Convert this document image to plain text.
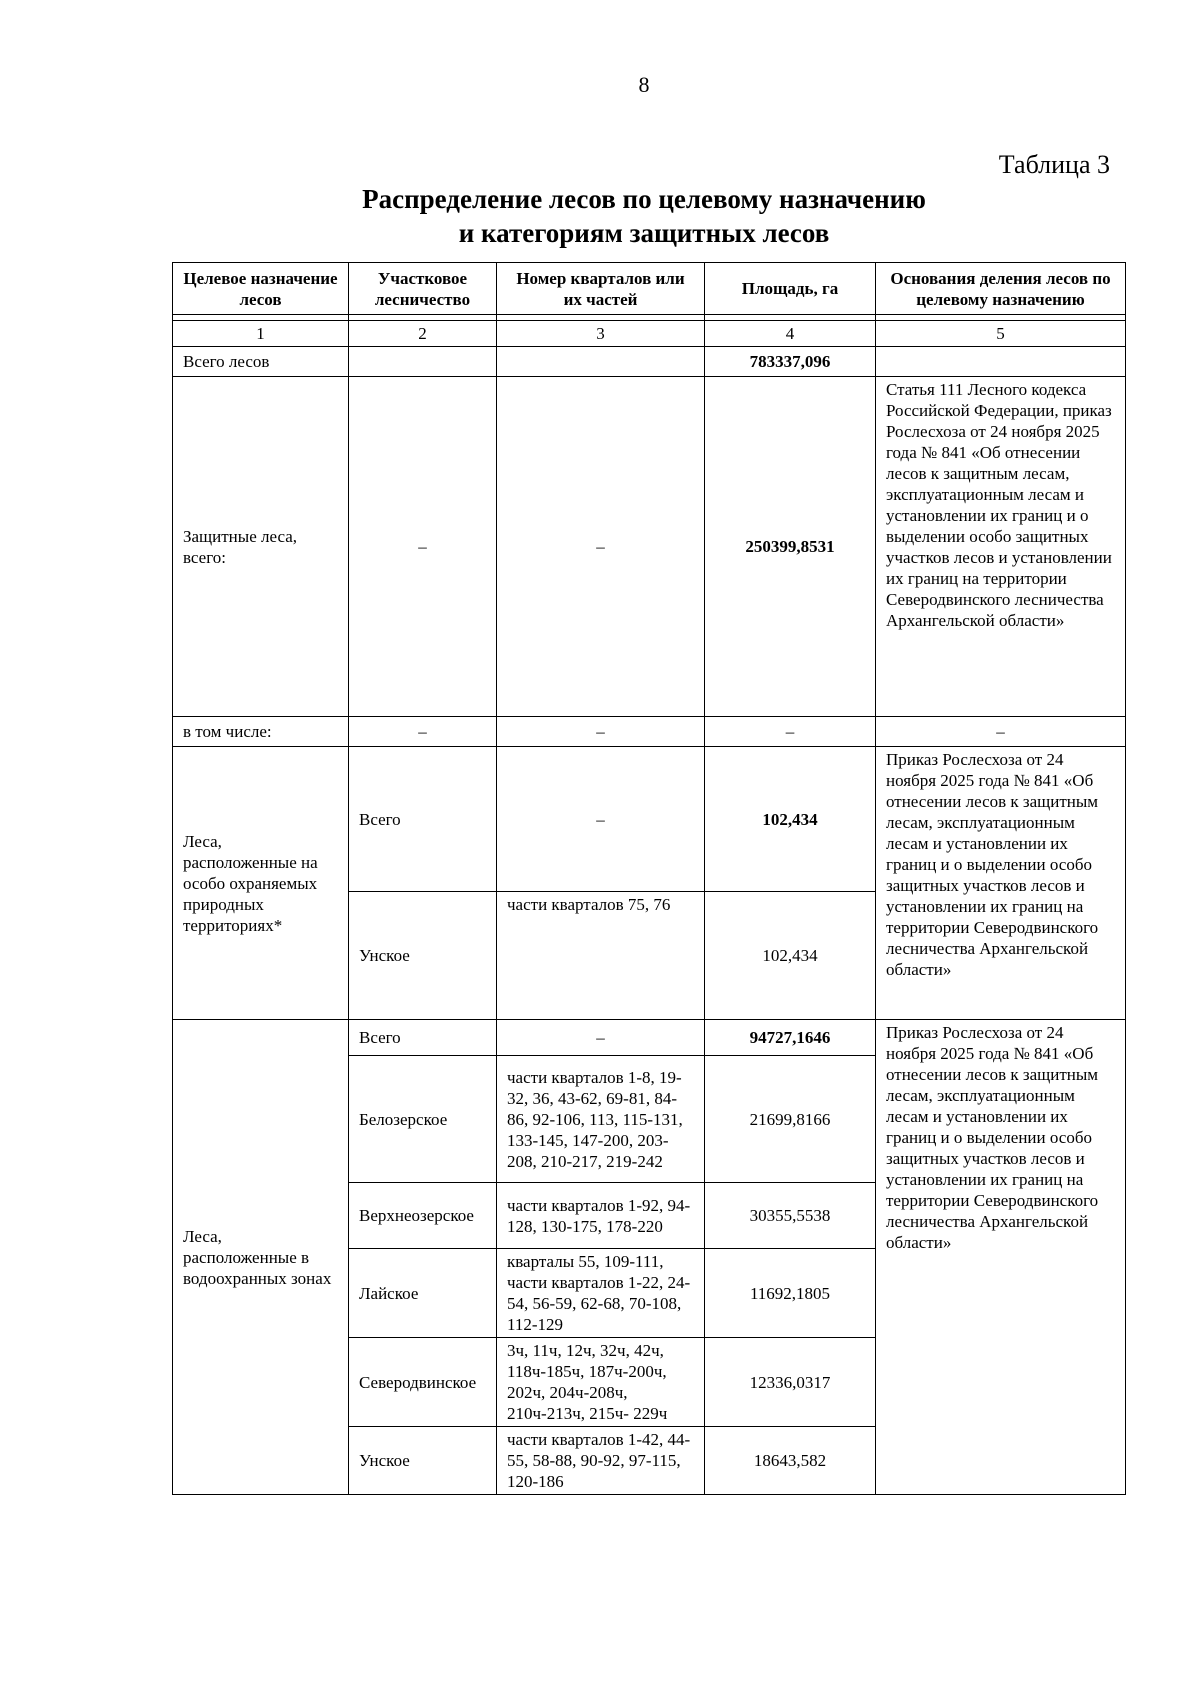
8
Таблица 3
Распределение лесов по целевому назначению
и категориям защитных лесов
Целевое назначение лесов	Участковое лесничество	Номер кварталов или их частей	Площадь, га	Основания деления лесов по целевому назначению

1	2	3	4	5
Всего лесов			783337,096	
Защитные леса, всего:	–	–	250399,8531	Статья 111 Лесного кодекса Российской Федерации, приказ Рослесхоза от 24 ноября 2025 года № 841 «Об отнесении лесов к защитным лесам, эксплуатационным лесам и установлении их границ и о выделении особо защитных участков лесов и установлении их границ на территории Северодвинского лесничества Архангельской области»
в том числе:	–	–	–	–
Леса, расположенные на особо охраняемых природных территориях*	Всего	–	102,434	Приказ Рослесхоза от 24 ноября 2025 года № 841 «Об отнесении лесов к защитным лесам, эксплуатационным лесам и установлении их границ и о выделении особо защитных участков лесов и установлении их границ на территории Северодвинского лесничества Архангельской области»
	Унское	части кварталов 75, 76	102,434	
Леса, расположенные в водоохранных зонах	Всего	–	94727,1646	Приказ Рослесхоза от 24 ноября 2025 года № 841 «Об отнесении лесов к защитным лесам, эксплуатационным лесам и установлении их границ и о выделении особо защитных участков лесов и установлении их границ на территории Северодвинского лесничества Архангельской области»
	Белозерское	части кварталов 1-8, 19-32, 36, 43-62, 69-81, 84-86, 92-106, 113, 115-131, 133-145, 147-200, 203-208, 210-217, 219-242	21699,8166	
	Верхнеозерское	части кварталов 1-92, 94-128, 130-175, 178-220	30355,5538	
	Лайское	кварталы 55, 109-111, части кварталов 1-22, 24-54, 56-59, 62-68, 70-108, 112-129	11692,1805	
	Северодвинское	3ч, 11ч, 12ч, 32ч, 42ч, 118ч-185ч, 187ч-200ч, 202ч, 204ч-208ч, 210ч-213ч, 215ч- 229ч	12336,0317	
	Унское	части кварталов 1-42, 44-55, 58-88, 90-92, 97-115, 120-186	18643,582	
